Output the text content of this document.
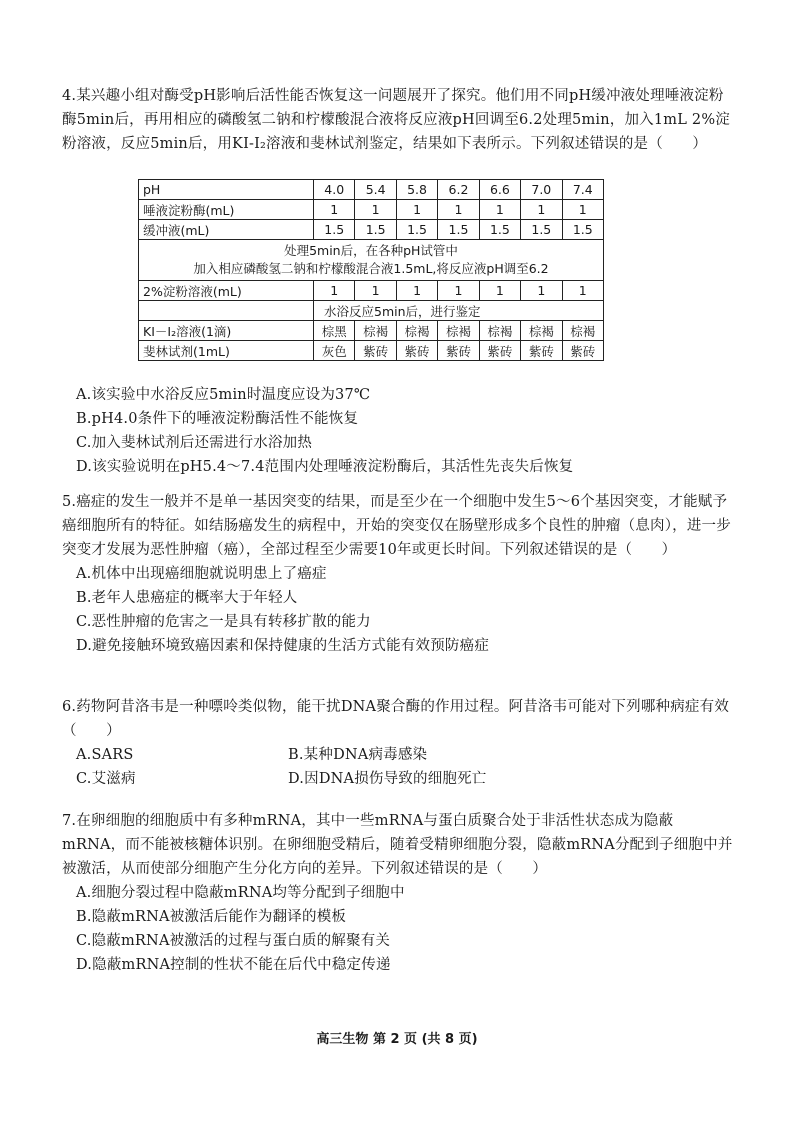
4.某兴趣小组对酶受pH影响后活性能否恢复这一问题展开了探究。他们用不同pH缓冲液处理唾液淀粉酶5min后，再用相应的磷酸氢二钠和柠檬酸混合液将反应液pH回调至6.2处理5min，加入1mL 2%淀粉溶液，反应5min后，用KI-I₂溶液和斐林试剂鉴定，结果如下表所示。下列叙述错误的是（　　）
pH	4.0	5.4	5.8	6.2	6.6	7.0	7.4
唾液淀粉酶(mL)	1	1	1	1	1	1	1
缓冲液(mL)	1.5	1.5	1.5	1.5	1.5	1.5	1.5

处理5min后，在各种pH试管中
加入相应磷酸氢二钠和柠檬酸混合液1.5mL,将反应液pH调至6.2							

2%淀粉溶液(mL)	1	1	1	1	1	1	1
	水浴反应5min后，进行鉴定						
KI－I₂溶液(1滴)	棕黑	棕褐	棕褐	棕褐	棕褐	棕褐	棕褐
斐林试剂(1mL)	灰色	紫砖	紫砖	紫砖	紫砖	紫砖	紫砖
A.该实验中水浴反应5min时温度应设为37℃
B.pH4.0条件下的唾液淀粉酶活性不能恢复
C.加入斐林试剂后还需进行水浴加热
D.该实验说明在pH5.4～7.4范围内处理唾液淀粉酶后，其活性先丧失后恢复
5.癌症的发生一般并不是单一基因突变的结果，而是至少在一个细胞中发生5～6个基因突变，才能赋予癌细胞所有的特征。如结肠癌发生的病程中，开始的突变仅在肠壁形成多个良性的肿瘤（息肉），进一步突变才发展为恶性肿瘤（癌），全部过程至少需要10年或更长时间。下列叙述错误的是（　　）
A.机体中出现癌细胞就说明患上了癌症
B.老年人患癌症的概率大于年轻人
C.恶性肿瘤的危害之一是具有转移扩散的能力
D.避免接触环境致癌因素和保持健康的生活方式能有效预防癌症
6.药物阿昔洛韦是一种嘌呤类似物，能干扰DNA聚合酶的作用过程。阿昔洛韦可能对下列哪种病症有效（　　）
A.SARS	B.某种DNA病毒感染
C.艾滋病	D.因DNA损伤导致的细胞死亡
7.在卵细胞的细胞质中有多种mRNA，其中一些mRNA与蛋白质聚合处于非活性状态成为隐蔽mRNA，而不能被核糖体识别。在卵细胞受精后，随着受精卵细胞分裂，隐蔽mRNA分配到子细胞中并被激活，从而使部分细胞产生分化方向的差异。下列叙述错误的是（　　）
A.细胞分裂过程中隐蔽mRNA均等分配到子细胞中
B.隐蔽mRNA被激活后能作为翻译的模板
C.隐蔽mRNA被激活的过程与蛋白质的解聚有关
D.隐蔽mRNA控制的性状不能在后代中稳定传递
高三生物 第 2 页 (共 8 页)
